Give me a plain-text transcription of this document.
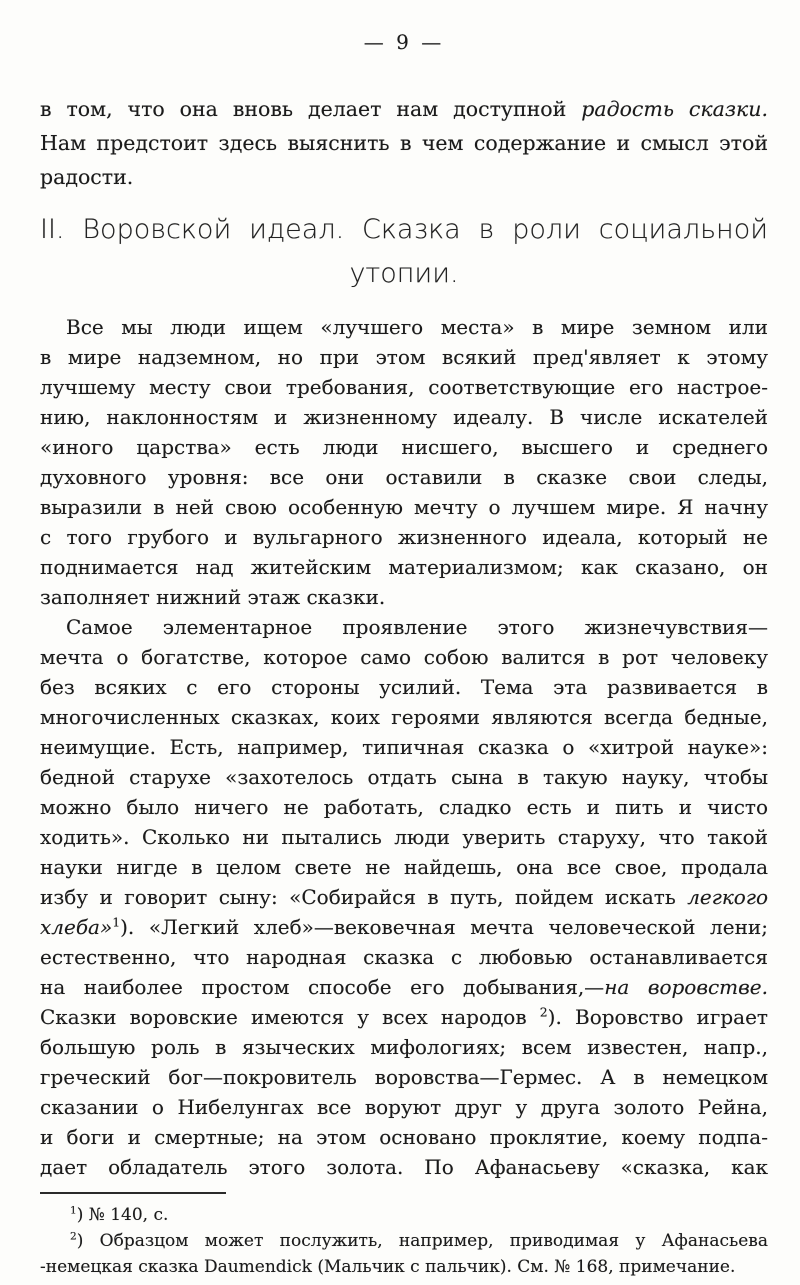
— 9 —
в том, что она вновь делает нам доступной радость сказки.
Нам предстоит здесь выяснить в чем содержание и смысл этой
радости.
II. Воровской идеал. Сказка в роли социальной
утопии.
Все мы люди ищем «лучшего места» в мире земном или
в мире надземном, но при этом всякий пред'являет к этому
лучшему месту свои требования, соответствующие его настрое-
нию, наклонностям и жизненному идеалу. В числе искателей
«иного царства» есть люди нисшего, высшего и среднего
духовного уровня: все они оставили в сказке свои следы,
выразили в ней свою особенную мечту о лучшем мире. Я начну
с того грубого и вульгарного жизненного идеала, который не
поднимается над житейским материализмом; как сказано, он
заполняет нижний этаж сказки.
Самое элементарное проявление этого жизнечувствия—
мечта о богатстве, которое само собою валится в рот человеку
без всяких с его стороны усилий. Тема эта развивается в
многочисленных сказках, коих героями являются всегда бедные,
неимущие. Есть, например, типичная сказка о «хитрой науке»:
бедной старухе «захотелось отдать сына в такую науку, чтобы
можно было ничего не работать, сладко есть и пить и чисто
ходить». Сколько ни пытались люди уверить старуху, что такой
науки нигде в целом свете не найдешь, она все свое, продала
избу и говорит сыну: «Собирайся в путь, пойдем искать легкого
хлеба»$^1$). «Легкий хлеб»—вековечная мечта человеческой лени;
естественно, что народная сказка с любовью останавливается
на наиболее простом способе его добывания,—на воровстве.
Сказки воровские имеются у всех народов $^2$). Воровство играет
большую роль в языческих мифологиях; всем известен, напр.,
греческий бог—покровитель воровства—Гермес. А в немецком
сказании о Нибелунгах все воруют друг у друга золото Рейна,
и боги и смертные; на этом основано проклятие, коему подпа-
дает обладатель этого золота. По Афанасьеву «сказка, как
$^1$) № 140, с.
$^2$) Образцом может послужить, например, приводимая у Афанасьева
-немецкая сказка Daumendick (Мальчик с пальчик). См. № 168, примечание.
